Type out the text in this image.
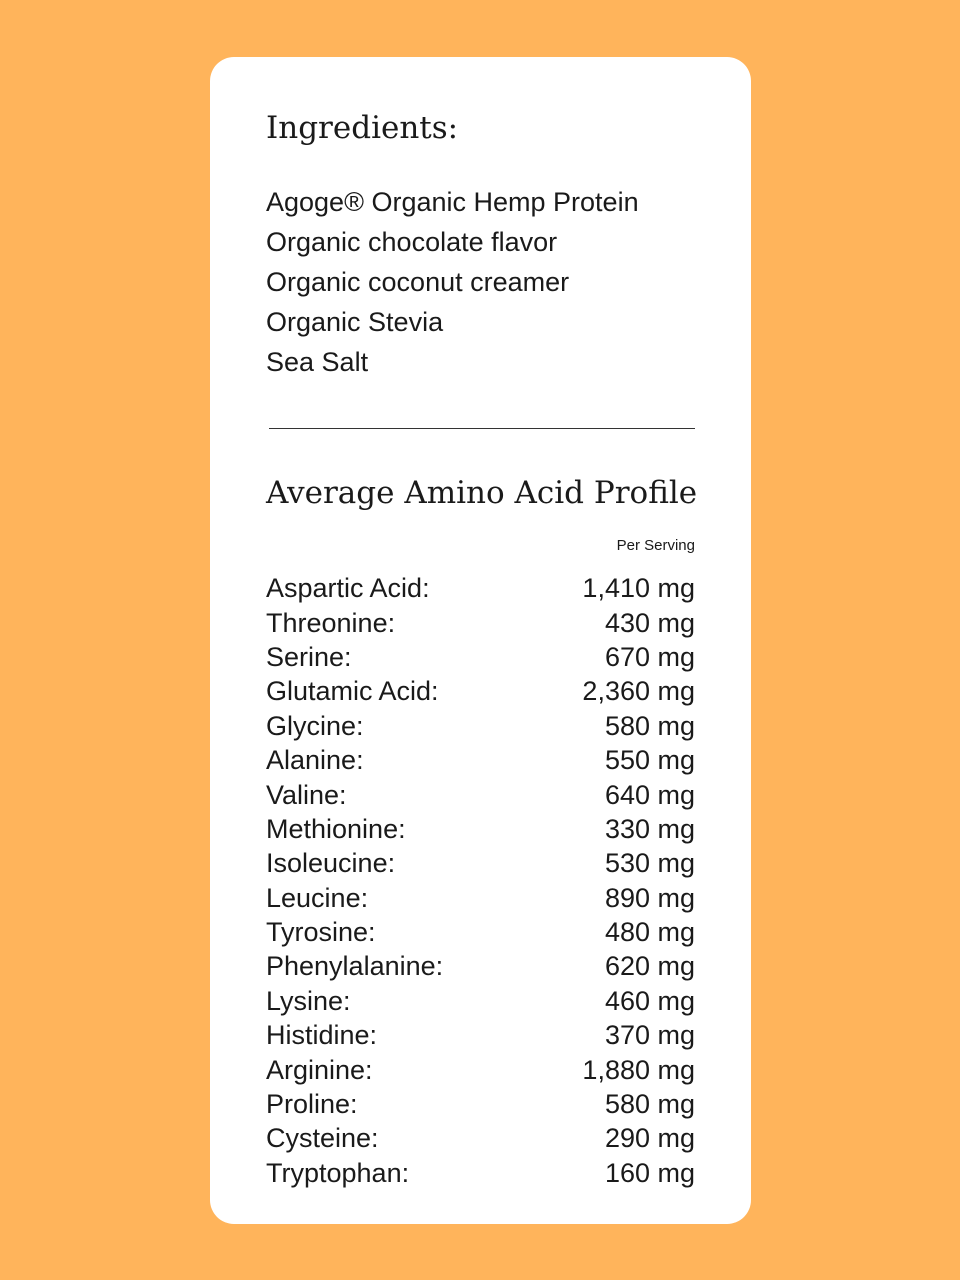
Ingredients:
Agoge® Organic Hemp Protein
Organic chocolate flavor
Organic coconut creamer
Organic Stevia
Sea Salt
Average Amino Acid Profile
Per Serving
Aspartic Acid:	1,410 mg
Threonine:	430 mg
Serine:	670 mg
Glutamic Acid:	2,360 mg
Glycine:	580 mg
Alanine:	550 mg
Valine:	640 mg
Methionine:	330 mg
Isoleucine:	530 mg
Leucine:	890 mg
Tyrosine:	480 mg
Phenylalanine:	620 mg
Lysine:	460 mg
Histidine:	370 mg
Arginine:	1,880 mg
Proline:	580 mg
Cysteine:	290 mg
Tryptophan:	160 mg
